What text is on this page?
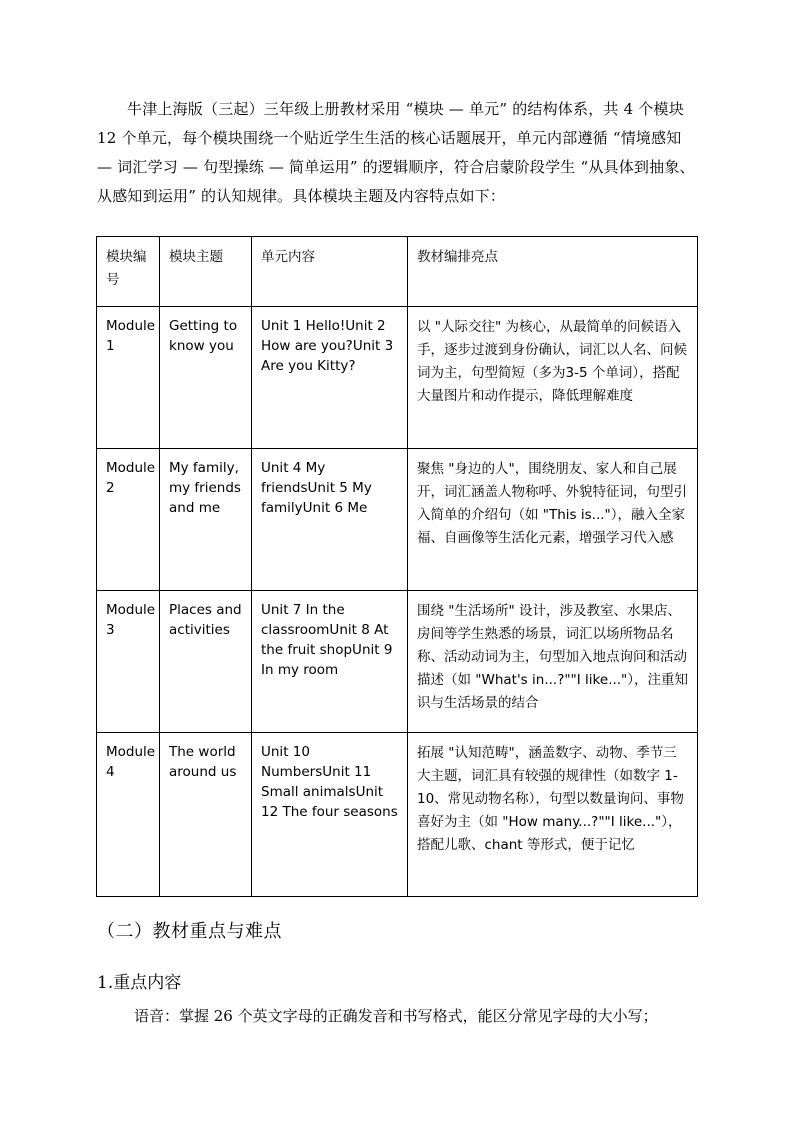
牛津上海版（三起）三年级上册教材采用 “模块 — 单元” 的结构体系，共 4 个模块 12 个单元，每个模块围绕一个贴近学生生活的核心话题展开，单元内部遵循 “情境感知 — 词汇学习 — 句型操练 — 简单运用” 的逻辑顺序，符合启蒙阶段学生 “从具体到抽象、从感知到运用” 的认知规律。具体模块主题及内容特点如下：

模块编号	模块主题	单元内容	教材编排亮点
Module 1	Getting to know you	Unit 1 Hello!Unit 2 How are you?Unit 3 Are you Kitty?	以 "人际交往" 为核心，从最简单的问候语入手，逐步过渡到身份确认，词汇以人名、问候词为主，句型简短（多为3-5 个单词），搭配大量图片和动作提示，降低理解难度
Module 2	My family, my friends and me	Unit 4 My friendsUnit 5 My familyUnit 6 Me	聚焦 "身边的人"，围绕朋友、家人和自己展开，词汇涵盖人物称呼、外貌特征词，句型引入简单的介绍句（如 "This is..."），融入全家福、自画像等生活化元素，增强学习代入感
Module 3	Places and activities	Unit 7 In the classroomUnit 8 At the fruit shopUnit 9 In my room	围绕 "生活场所" 设计，涉及教室、水果店、房间等学生熟悉的场景，词汇以场所物品名称、活动动词为主，句型加入地点询问和活动描述（如 "What's in...?""I like..."），注重知识与生活场景的结合
Module 4	The world around us	Unit 10 NumbersUnit 11 Small animalsUnit 12 The four seasons	拓展 "认知范畴"，涵盖数字、动物、季节三大主题，词汇具有较强的规律性（如数字 1-10、常见动物名称），句型以数量询问、事物喜好为主（如 "How many...?""I like..."），搭配儿歌、chant 等形式，便于记忆
（二）教材重点与难点
1.重点内容

语音：掌握 26 个英文字母的正确发音和书写格式，能区分常见字母的大小写；
